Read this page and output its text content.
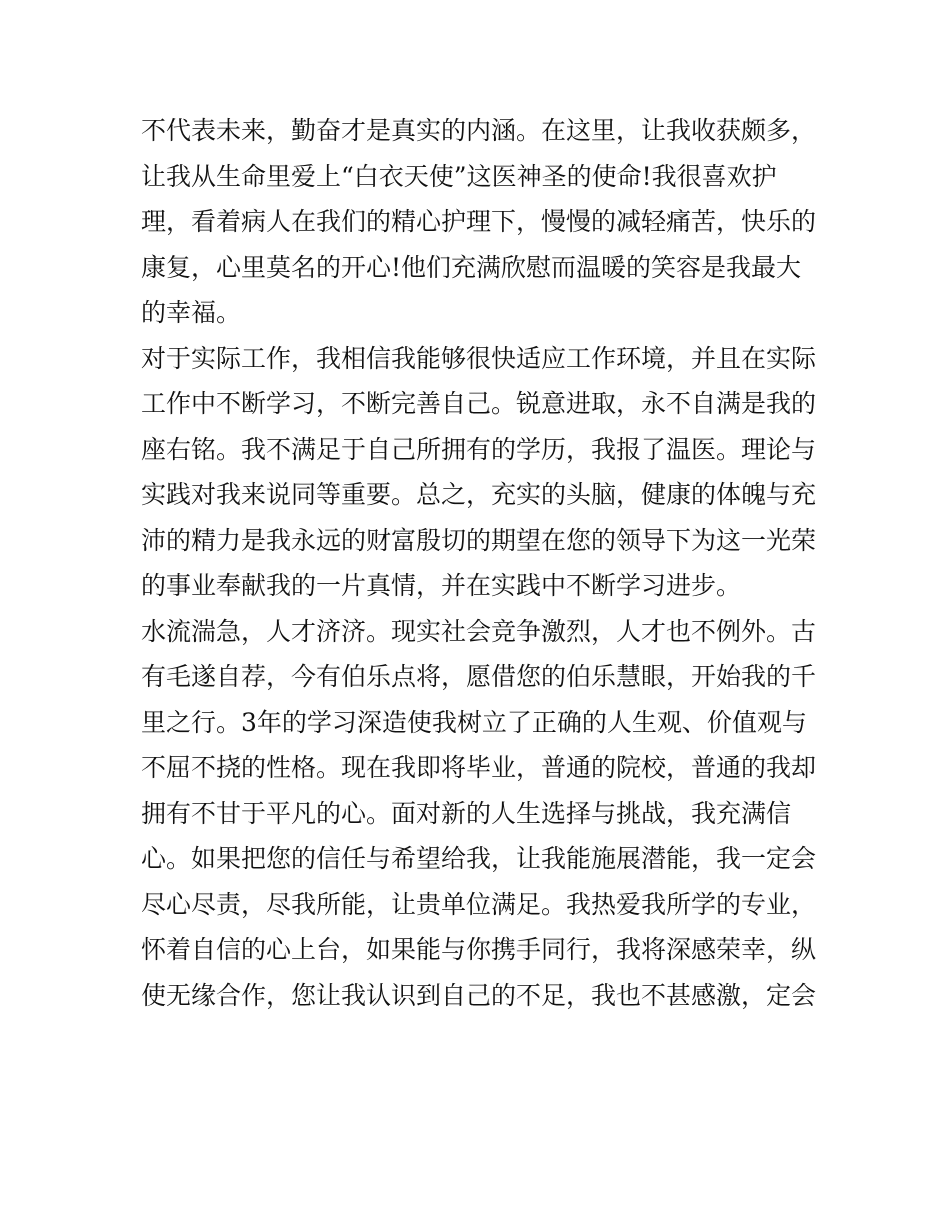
不代表未来，勤奋才是真实的内涵。在这里，让我收获颇多，
让我从生命里爱上“白衣天使”这医神圣的使命!我很喜欢护
理，看着病人在我们的精心护理下，慢慢的减轻痛苦，快乐的
康复，心里莫名的开心!他们充满欣慰而温暖的笑容是我最大
的幸福。
对于实际工作，我相信我能够很快适应工作环境，并且在实际
工作中不断学习，不断完善自己。锐意进取，永不自满是我的
座右铭。我不满足于自己所拥有的学历，我报了温医。理论与
实践对我来说同等重要。总之，充实的头脑，健康的体魄与充
沛的精力是我永远的财富殷切的期望在您的领导下为这一光荣
的事业奉献我的一片真情，并在实践中不断学习进步。
水流湍急，人才济济。现实社会竞争激烈，人才也不例外。古
有毛遂自荐，今有伯乐点将，愿借您的伯乐慧眼，开始我的千
里之行。3年的学习深造使我树立了正确的人生观、价值观与
不屈不挠的性格。现在我即将毕业，普通的院校，普通的我却
拥有不甘于平凡的心。面对新的人生选择与挑战，我充满信
心。如果把您的信任与希望给我，让我能施展潜能，我一定会
尽心尽责，尽我所能，让贵单位满足。我热爱我所学的专业，
怀着自信的心上台，如果能与你携手同行，我将深感荣幸，纵
使无缘合作，您让我认识到自己的不足，我也不甚感激，定会
